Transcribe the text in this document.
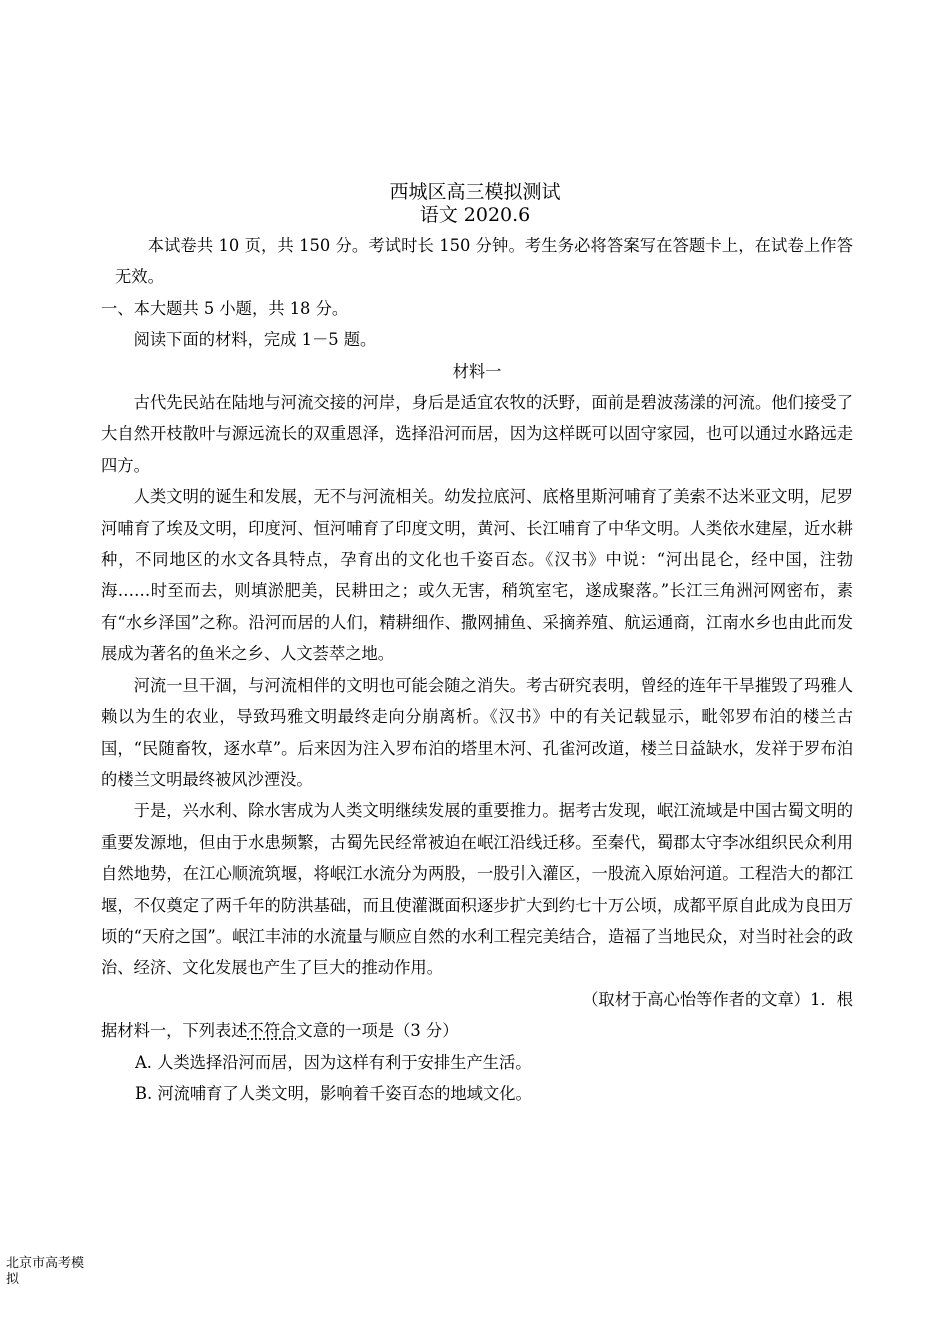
西城区高三模拟测试
语文 2020.6

本试卷共 10 页，共 150 分。考试时长 150 分钟。考生务必将答案写在答题卡上，在试卷上作答无效。

一、本大题共 5 小题，共 18 分。

阅读下面的材料，完成 1－5 题。

材料一

古代先民站在陆地与河流交接的河岸，身后是适宜农牧的沃野，面前是碧波荡漾的河流。他们接受了大自然开枝散叶与源远流长的双重恩泽，选择沿河而居，因为这样既可以固守家园，也可以通过水路远走四方。

人类文明的诞生和发展，无不与河流相关。幼发拉底河、底格里斯河哺育了美索不达米亚文明，尼罗河哺育了埃及文明，印度河、恒河哺育了印度文明，黄河、长江哺育了中华文明。人类依水建屋，近水耕种，不同地区的水文各具特点，孕育出的文化也千姿百态。《汉书》中说：“河出昆仑，经中国，注勃海……时至而去，则填淤肥美，民耕田之；或久无害，稍筑室宅，遂成聚落。”长江三角洲河网密布，素有“水乡泽国”之称。沿河而居的人们，精耕细作、撒网捕鱼、采摘养殖、航运通商，江南水乡也由此而发展成为著名的鱼米之乡、人文荟萃之地。

河流一旦干涸，与河流相伴的文明也可能会随之消失。考古研究表明，曾经的连年干旱摧毁了玛雅人赖以为生的农业，导致玛雅文明最终走向分崩离析。《汉书》中的有关记载显示，毗邻罗布泊的楼兰古国，“民随畜牧，逐水草”。后来因为注入罗布泊的塔里木河、孔雀河改道，楼兰日益缺水，发祥于罗布泊的楼兰文明最终被风沙湮没。

于是，兴水利、除水害成为人类文明继续发展的重要推力。据考古发现，岷江流域是中国古蜀文明的重要发源地，但由于水患频繁，古蜀先民经常被迫在岷江沿线迁移。至秦代，蜀郡太守李冰组织民众利用自然地势，在江心顺流筑堰，将岷江水流分为两股，一股引入灌区，一股流入原始河道。工程浩大的都江堰，不仅奠定了两千年的防洪基础，而且使灌溉面积逐步扩大到约七十万公顷，成都平原自此成为良田万顷的“天府之国”。岷江丰沛的水流量与顺应自然的水利工程完美结合，造福了当地民众，对当时社会的政治、经济、文化发展也产生了巨大的推动作用。

（取材于高心怡等作者的文章）1．根

据材料一，下列表述不符合文意的一项是（3 分）

A. 人类选择沿河而居，因为这样有利于安排生产生活。

B. 河流哺育了人类文明，影响着千姿百态的地域文化。

北京市高考模拟
